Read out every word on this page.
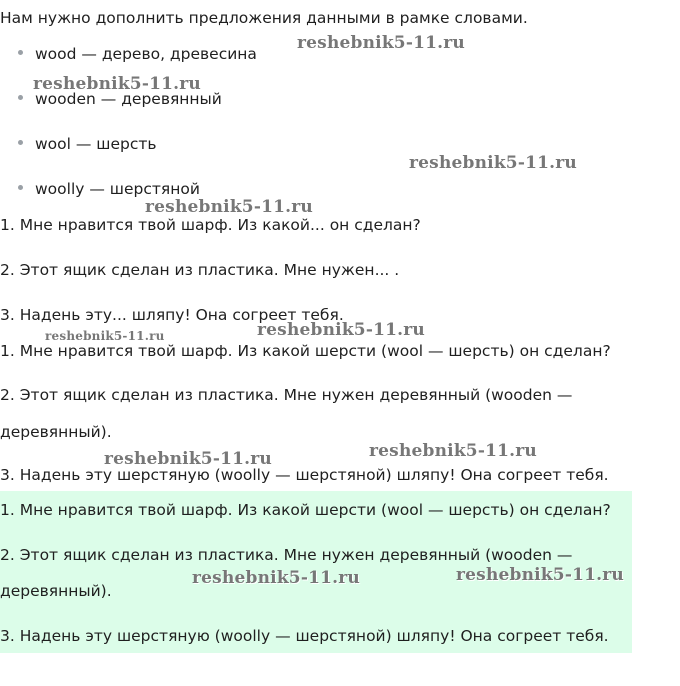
Нам нужно дополнить предложения данными в рамке словами.
wood — дерево, древесина
wooden — деревянный
wool — шерсть
woolly — шерстяной
1. Мне нравится твой шарф. Из какой... он сделан?
2. Этот ящик сделан из пластика. Мне нужен... .
3. Надень эту... шляпу! Она согреет тебя.
1. Мне нравится твой шарф. Из какой шерсти (wool — шерсть) он сделан?
2. Этот ящик сделан из пластика. Мне нужен деревянный (wooden —
деревянный).
3. Надень эту шерстяную (woolly — шерстяной) шляпу! Она согреет тебя.
1. Мне нравится твой шарф. Из какой шерсти (wool — шерсть) он сделан?
2. Этот ящик сделан из пластика. Мне нужен деревянный (wooden —
деревянный).
3. Надень эту шерстяную (woolly — шерстяной) шляпу! Она согреет тебя.
reshebnik5-11.ru
reshebnik5-11.ru
reshebnik5-11.ru
reshebnik5-11.ru
reshebnik5-11.ru	reshebnik5-11.ru
reshebnik5-11.ru
reshebnik5-11.ru
reshebnik5-11.ru	reshebnik5-11.ru
